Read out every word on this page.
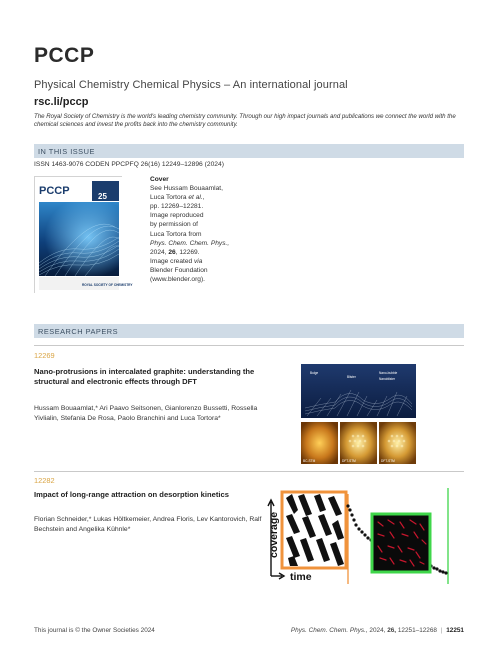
PCCP
Physical Chemistry Chemical Physics – An international journal
rsc.li/pccp
The Royal Society of Chemistry is the world's leading chemistry community. Through our high impact journals and publications we connect the world with the chemical sciences and invest the profits back into the chemistry community.
IN THIS ISSUE
ISSN 1463-9076 CODEN PPCPFQ 26(16) 12249–12896 (2024)
PCCP	25
ROYAL SOCIETY OF CHEMISTRY
Cover
See Hussam Bouaamlat,
Luca Tortora et al.,
pp. 12269–12281.
Image reproduced
by permission of
Luca Tortora from
Phys. Chem. Chem. Phys.,
2024, 26, 12269.
Image created via
Blender Foundation
(www.blender.org).
RESEARCH PAPERS
12269
Nano-protrusions in intercalated graphite: understanding the structural and electronic effects through DFT
Hussam Bouaamlat,* Ari Paavo Seitsonen, Gianlorenzo Bussetti, Rossella Yivlialin, Stefania De Rosa, Paolo Branchini and Luca Tortora*
Bulge
Blister
Nano-bubble
Nanoblister
BC-STM	DFT-STM	DFT-STM
12282
Impact of long-range attraction on desorption kinetics
Florian Schneider,* Lukas Höltkemeier, Andrea Floris, Lev Kantorovich, Ralf Bechstein and Angelika Kühnle*	coverage
time
This journal is © the Owner Societies 2024	Phys. Chem. Chem. Phys., 2024, 26, 12251–12268 | 12251
